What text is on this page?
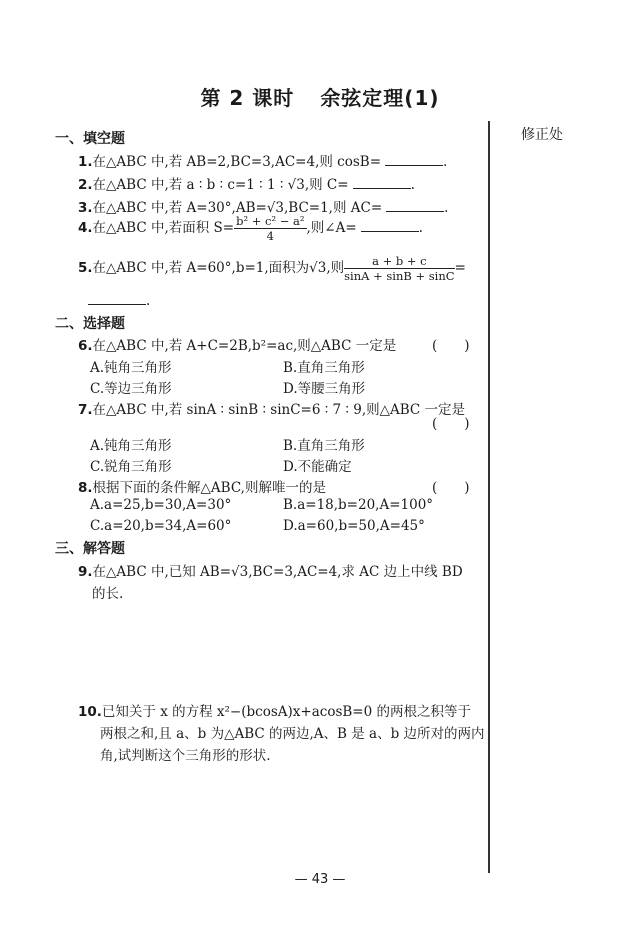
第 2 课时 余弦定理(1)
修正处
一、填空题
1.在△ABC 中,若 AB=2,BC=3,AC=4,则 cosB=	.
2.在△ABC 中,若 a ∶ b ∶ c=1 ∶ 1 ∶ √3,则 C=	.
3.在△ABC 中,若 A=30°,AB=√3,BC=1,则 AC=	.
4.在△ABC 中,若面积 $S= \frac{\text{b² + c² − a²}}{4}$ ,则∠A=	.
5.在△ABC 中,若 A=60°,b=1,面积为√3,则 $\frac{a + b + c}{\sin A + \sin B + \sin C}$ =
.
二、选择题
6.在△ABC 中,若 A+C=2B,b²=ac,则△ABC 一定是	(　　)
A.钝角三角形	B.直角三角形
C.等边三角形	D.等腰三角形
7.在△ABC 中,若 sinA ∶ sinB ∶ sinC=6 ∶ 7 ∶ 9,则△ABC 一定是
(　　)
A.钝角三角形	B.直角三角形
C.锐角三角形	D.不能确定
8.根据下面的条件解△ABC,则解唯一的是	(　　)
A.a=25,b=30,A=30°	B.a=18,b=20,A=100°
C.a=20,b=34,A=60°	D.a=60,b=50,A=45°
三、解答题
9.在△ABC 中,已知 AB=√3,BC=3,AC=4,求 AC 边上中线 BD
的长.
10.已知关于 x 的方程 x²−(bcosA)x+acosB=0 的两根之积等于
两根之和,且 a、b 为△ABC 的两边,A、B 是 a、b 边所对的两内
角,试判断这个三角形的形状.
— 43 —
